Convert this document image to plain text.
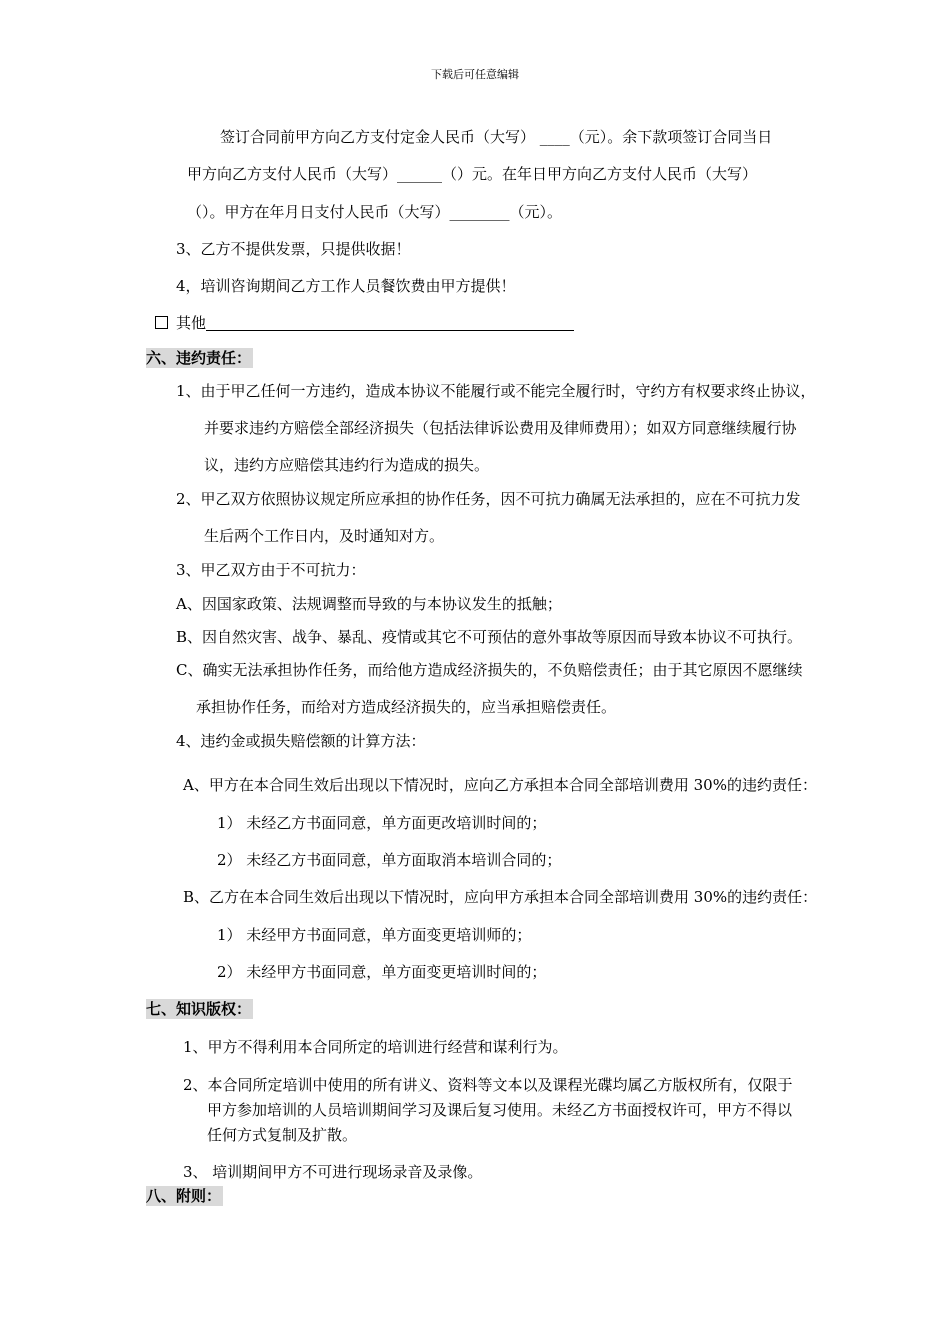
下载后可任意编辑
签订合同前甲方向乙方支付定金人民币（大写） ____（元）。余下款项签订合同当日
甲方向乙方支付人民币（大写）______（）元。在年日甲方向乙方支付人民币（大写）
（）。甲方在年月日支付人民币（大写）________（元）。
3、乙方不提供发票，只提供收据！
4，培训咨询期间乙方工作人员餐饮费由甲方提供！
其他
六、违约责任：
1、由于甲乙任何一方违约，造成本协议不能履行或不能完全履行时，守约方有权要求终止协议，
并要求违约方赔偿全部经济损失（包括法律诉讼费用及律师费用）；如双方同意继续履行协
议，违约方应赔偿其违约行为造成的损失。
2、甲乙双方依照协议规定所应承担的协作任务，因不可抗力确属无法承担的，应在不可抗力发
生后两个工作日内，及时通知对方。
3、甲乙双方由于不可抗力：
A、因国家政策、法规调整而导致的与本协议发生的抵触；
B、因自然灾害、战争、暴乱、疫情或其它不可预估的意外事故等原因而导致本协议不可执行。
C、确实无法承担协作任务，而给他方造成经济损失的，不负赔偿责任；由于其它原因不愿继续
承担协作任务，而给对方造成经济损失的，应当承担赔偿责任。
4、违约金或损失赔偿额的计算方法：
A、甲方在本合同生效后出现以下情况时，应向乙方承担本合同全部培训费用 30%的违约责任：
1） 未经乙方书面同意，单方面更改培训时间的；
2） 未经乙方书面同意，单方面取消本培训合同的；
B、乙方在本合同生效后出现以下情况时，应向甲方承担本合同全部培训费用 30%的违约责任：
1） 未经甲方书面同意，单方面变更培训师的；
2） 未经甲方书面同意，单方面变更培训时间的；
七、知识版权：
1、甲方不得利用本合同所定的培训进行经营和谋利行为。
2、本合同所定培训中使用的所有讲义、资料等文本以及课程光碟均属乙方版权所有，仅限于
甲方参加培训的人员培训期间学习及课后复习使用。未经乙方书面授权许可，甲方不得以
任何方式复制及扩散。
3、 培训期间甲方不可进行现场录音及录像。
八、附则：
